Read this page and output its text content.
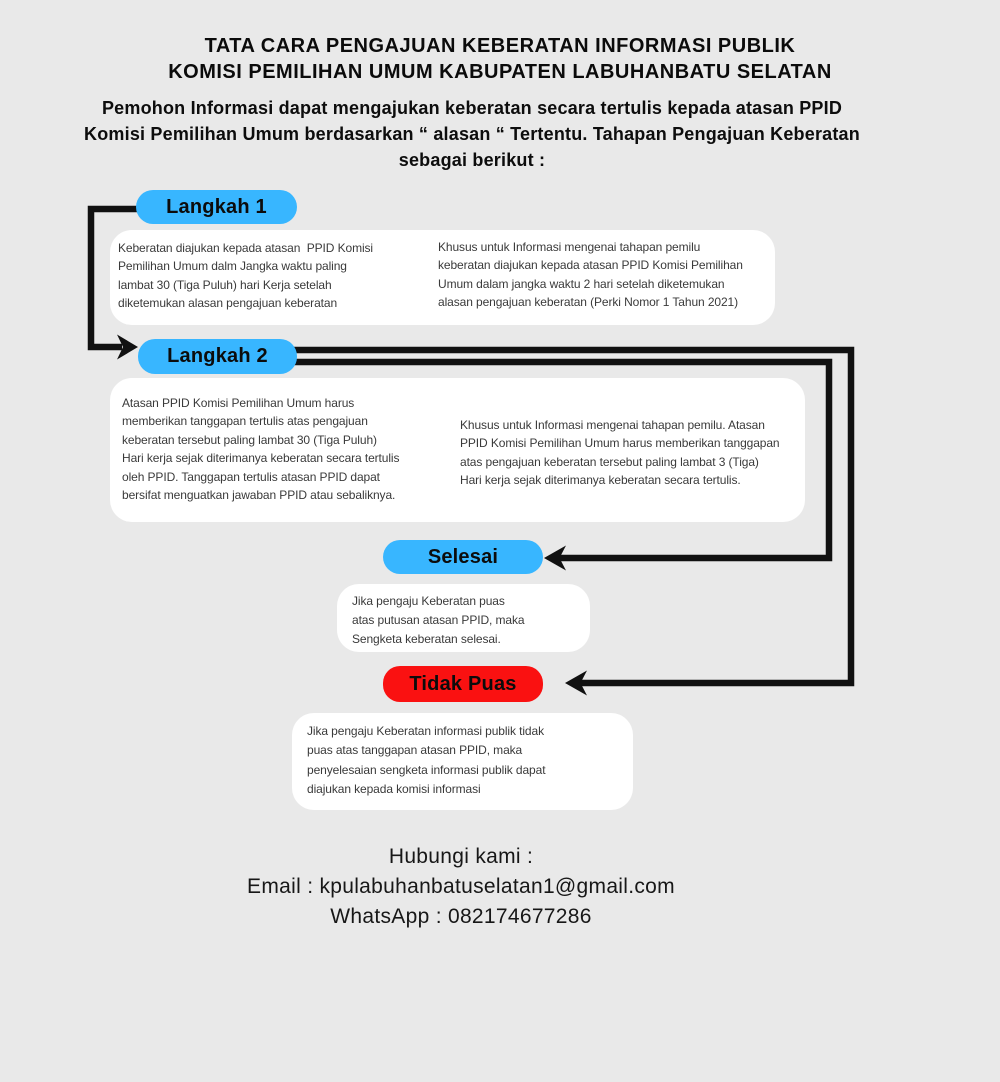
TATA CARA PENGAJUAN KEBERATAN INFORMASI PUBLIK
KOMISI PEMILIHAN UMUM KABUPATEN LABUHANBATU SELATAN
Pemohon Informasi dapat mengajukan keberatan secara tertulis kepada atasan PPID
Komisi Pemilihan Umum berdasarkan “ alasan “ Tertentu. Tahapan Pengajuan Keberatan
sebagai berikut :
Langkah 1
Keberatan diajukan kepada atasan  PPID Komisi
Pemilihan Umum dalm Jangka waktu paling
lambat 30 (Tiga Puluh) hari Kerja setelah
diketemukan alasan pengajuan keberatan
Khusus untuk Informasi mengenai tahapan pemilu
keberatan diajukan kepada atasan PPID Komisi Pemilihan
Umum dalam jangka waktu 2 hari setelah diketemukan
alasan pengajuan keberatan (Perki Nomor 1 Tahun 2021)
Langkah 2
Atasan PPID Komisi Pemilihan Umum harus
memberikan tanggapan tertulis atas pengajuan
keberatan tersebut paling lambat 30 (Tiga Puluh)
Hari kerja sejak diterimanya keberatan secara tertulis
oleh PPID. Tanggapan tertulis atasan PPID dapat
bersifat menguatkan jawaban PPID atau sebaliknya.
Khusus untuk Informasi mengenai tahapan pemilu. Atasan
PPID Komisi Pemilihan Umum harus memberikan tanggapan
atas pengajuan keberatan tersebut paling lambat 3 (Tiga)
Hari kerja sejak diterimanya keberatan secara tertulis.
Selesai
Jika pengaju Keberatan puas
atas putusan atasan PPID, maka
Sengketa keberatan selesai.
Tidak Puas
Jika pengaju Keberatan informasi publik tidak
puas atas tanggapan atasan PPID, maka
penyelesaian sengketa informasi publik dapat
diajukan kepada komisi informasi
Hubungi kami :
Email : kpulabuhanbatuselatan1@gmail.com
WhatsApp : 082174677286
